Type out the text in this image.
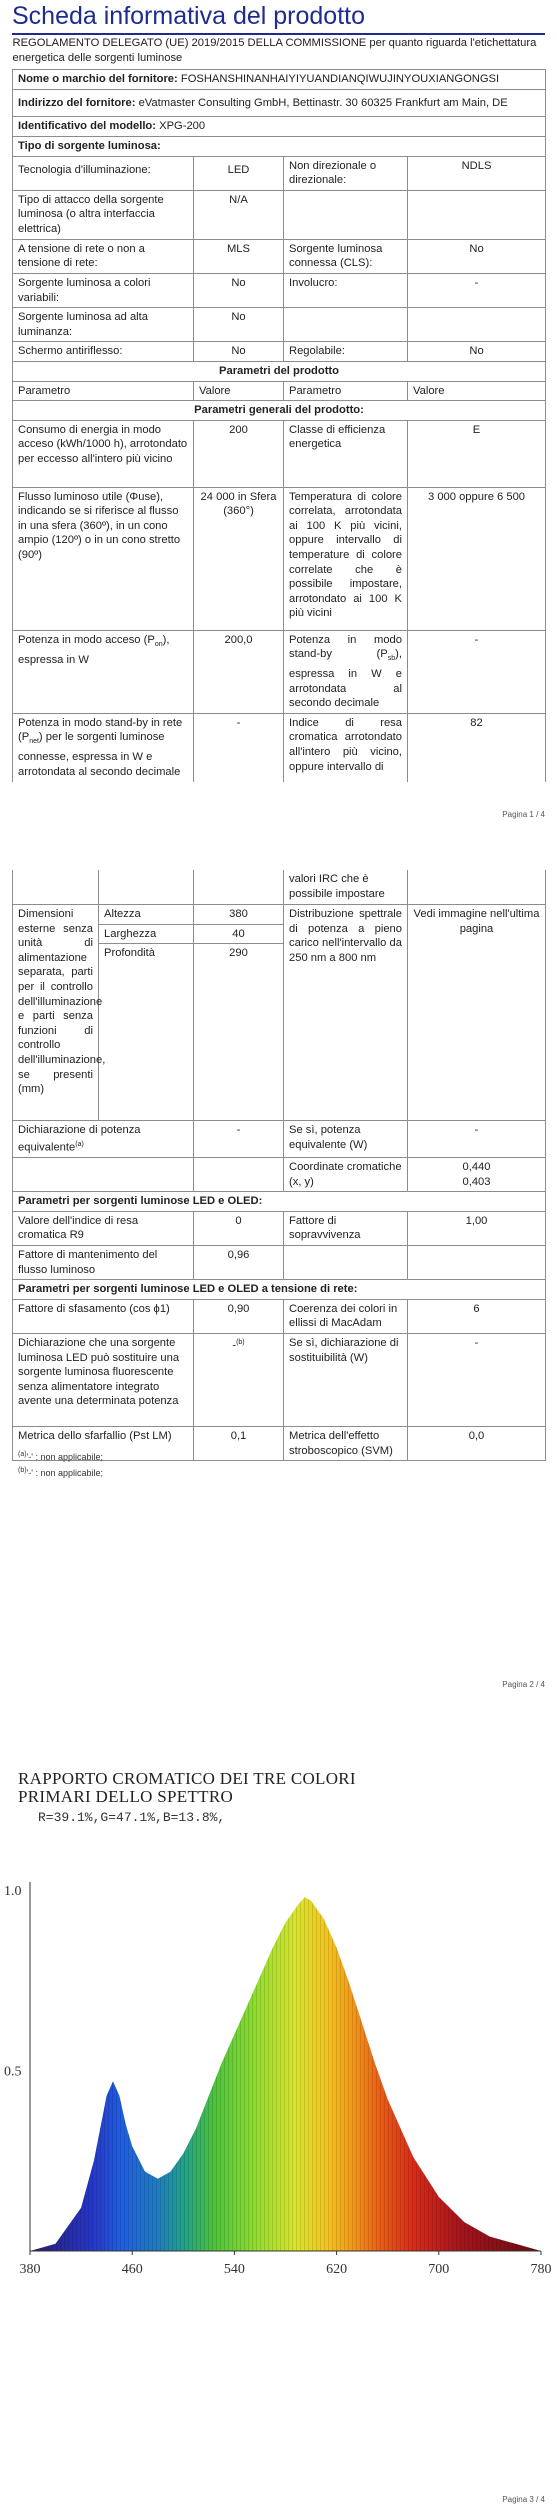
Scheda informativa del prodotto
REGOLAMENTO DELEGATO (UE) 2019/2015 DELLA COMMISSIONE per quanto riguarda l'etichettatura energetica delle sorgenti luminose			
Nome o marchio del fornitore: FOSHANSHINANHAIYIYUANDIANQIWUJINYOUXIANGONGSI			
Indirizzo del fornitore: eVatmaster Consulting GmbH, Bettinastr. 30 60325 Frankfurt am Main, DE			
Identificativo del modello: XPG-200			
Tipo di sorgente luminosa:			
Tecnologia d'illuminazione:	LED	Non direzionale o direzionale:	NDLS
Tipo di attacco della sorgente luminosa (o altra interfaccia elettrica)	N/A		
A tensione di rete o non a tensione di rete:	MLS	Sorgente luminosa connessa (CLS):	No
Sorgente luminosa a colori variabili:	No	Involucro:	-
Sorgente luminosa ad alta luminanza:	No		
Schermo antiriflesso:	No	Regolabile:	No
Parametri del prodotto			
Parametro	Valore	Parametro	Valore
Parametri generali del prodotto:			
Consumo di energia in modo acceso (kWh/1000 h), arrotondato per eccesso all'intero più vicino	200	Classe di efficienza energetica	E
Flusso luminoso utile (Φuse), indicando se si riferisce al flusso in una sfera (360º), in un cono ampio (120º) o in un cono stretto (90º)	24 000 in Sfera (360°)	Temperatura di colore correlata, arrotondata ai 100 K più vicini, oppure intervallo di temperature di colore correlate che è possibile impostare, arrotondato ai 100 K più vicini	3 000 oppure 6 500
Potenza in modo acceso $(P_{on})$, espressa in W	200,0	Potenza in modo stand-by $(P_{sb})$, espressa in W e arrotondata al secondo decimale	-
Potenza in modo stand-by in rete $(P_{net})$ per le sorgenti luminose connesse, espressa in W e arrotondata al secondo decimale	-	Indice di resa cromatica arrotondato all'intero più vicino, oppure intervallo di	82
Pagina 1 / 4
			valori IRC che è possibile impostare	
Dimensioni esterne senza unità di alimentazione separata, parti per il controllo dell'illuminazione e parti senza funzioni di controllo dell'illuminazione, se presenti (mm)	Altezza	380	Distribuzione spettrale di potenza a pieno carico nell'intervallo da 250 nm a 800 nm	Vedi immagine nell'ultima pagina
	Larghezza	40		
	Profondità	290		
Dichiarazione di potenza equivalente$^{(a)}$		-	Se sì, potenza equivalente (W)	-
			Coordinate cromatiche (x, y)	0,440
0,403

Parametri per sorgenti luminose LED e OLED:				
Valore dell'indice di resa cromatica R9		0	Fattore di sopravvivenza	1,00
Fattore di mantenimento del flusso luminoso		0,96		
Parametri per sorgenti luminose LED e OLED a tensione di rete:				
Fattore di sfasamento (cos ϕ1)		0,90	Coerenza dei colori in ellissi di MacAdam	6
Dichiarazione che una sorgente luminosa LED può sostituire una sorgente luminosa fluorescente senza alimentatore integrato avente una determinata potenza		-$^{(b)}$	Se sì, dichiarazione di sostituibilità (W)	-
Metrica dello sfarfallio (Pst LM)		0,1	Metrica dell'effetto stroboscopico (SVM)	0,0
$^{(a)}$'-' : non applicabile;
$^{(b)}$'-' : non applicabile;
Pagina 2 / 4
RAPPORTO CROMATICO DEI TRE COLORI
PRIMARI DELLO SPETTRO
R=39.1%,G=47.1%,B=13.8%,
380	460	540	620	700	780
0.5
1.0
Pagina 3 / 4
